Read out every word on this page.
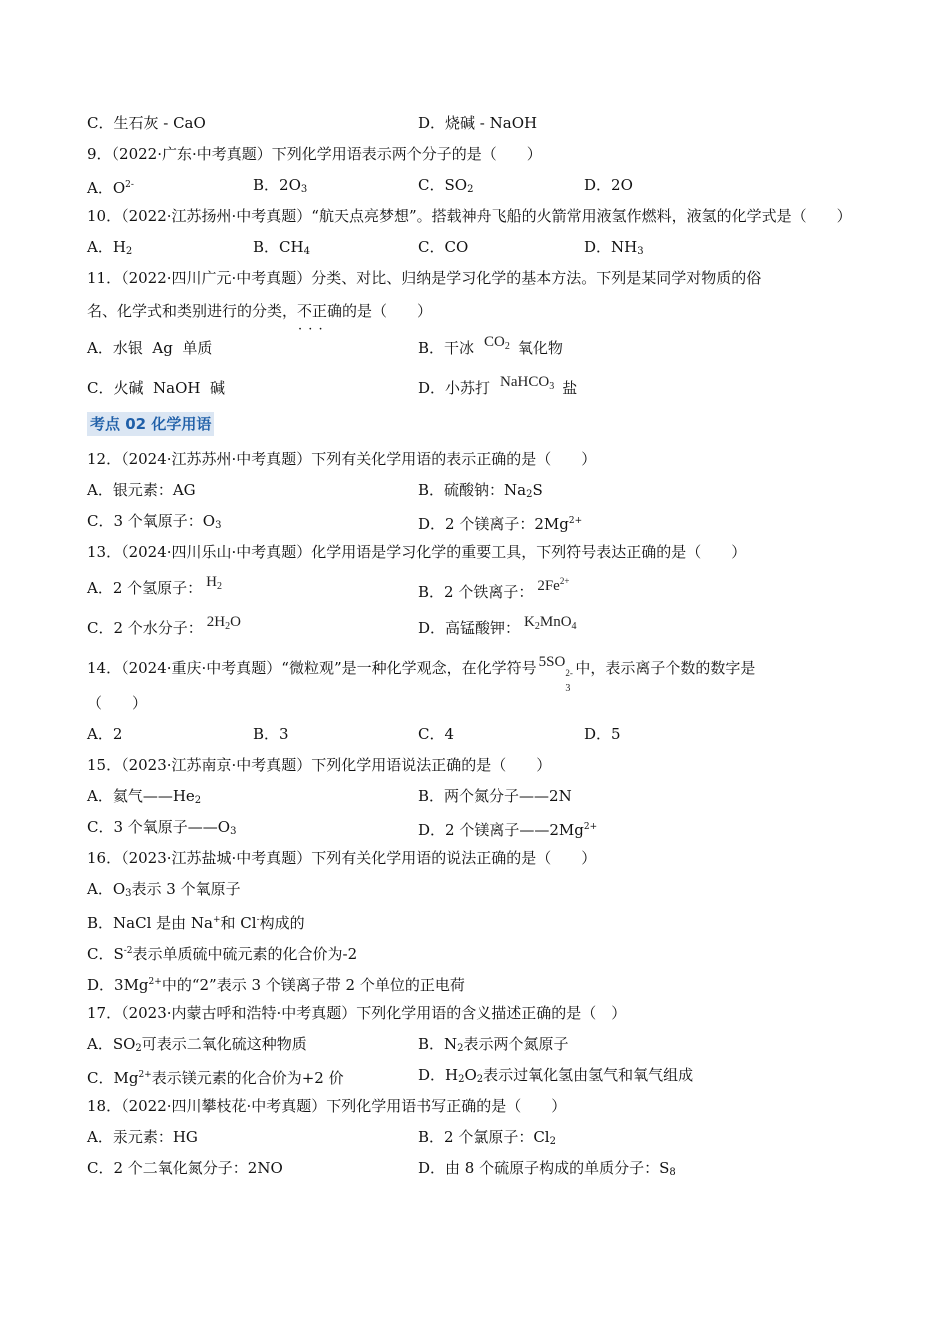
C．生石灰 - CaO	D．烧碱 - NaOH
9．（2022·广东·中考真题）下列化学用语表示两个分子的是（　　）
A．$O^{2-}$	B．$2O_3$	C．$SO_2$	D．2O
10．（2022·江苏扬州·中考真题）“航天点亮梦想”。搭载神舟飞船的火箭常用液氢作燃料，液氢的化学式是（　　）
A．$H_2$	B．$CH_4$	C．CO	D．$NH_3$
11．（2022·四川广元·中考真题）分类、对比、归纳是学习化学的基本方法。下列是某同学对物质的俗
名、化学式和类别进行的分类，不正确 · · ·的是（　　）
A．水银  Ag  单质	B．干冰 $CO_2$ 氧化物
C．火碱  NaOH  碱	D．小苏打 NaHCO$_3$ 盐
考点 02 化学用语
12．（2024·江苏苏州·中考真题）下列有关化学用语的表示正确的是（　　）
A．银元素：AG	B．硫酸钠：$Na_2S$
C．3 个氧原子：$O_3$	D．2 个镁离子：$2Mg^{2+}$
13．（2024·四川乐山·中考真题）化学用语是学习化学的重要工具，下列符号表达正确的是（　　）
A．2 个氢原子： $H_2$	B．2 个铁离子： $2Fe^{2+}$
C．2 个水分子： $2H_2O$	D．高锰酸钾： $K_2MnO_4$
14．（2024·重庆·中考真题）“微粒观”是一种化学观念，在化学符号 5SO
2-
3
中，表示离子个数的数字是
（　　）
A．2	B．3	C．4	D．5
15．（2023·江苏南京·中考真题）下列化学用语说法正确的是（　　）
A．氦气$——He_2$	B．两个氮分子——2N
C．3 个氧原子$——O_3$	D．2 个镁离子$——2Mg^{2+}$
16．（2023·江苏盐城·中考真题）下列有关化学用语的说法正确的是（　　）
A．$O_3$表示 3 个氧原子
B．NaCl 是由 Na+和 Cl-构成的
C．$S^{-2}$表示单质硫中硫元素的化合价为-2
D．$3Mg^{2+}$中的“2”表示 3 个镁离子带 2 个单位的正电荷
17．（2023·内蒙古呼和浩特·中考真题）下列化学用语的含义描述正确的是（　）
A．$SO_2$可表示二氧化硫这种物质	B．$N_2$表示两个氮原子
C．$Mg^{2+}$表示镁元素的化合价为+2 价	D．$H_2O_2$表示过氧化氢由氢气和氧气组成
18．（2022·四川攀枝花·中考真题）下列化学用语书写正确的是（　　）
A．汞元素：HG	B．2 个氯原子：$Cl_2$
C．2 个二氧化氮分子：2NO	D．由 8 个硫原子构成的单质分子：$S_8$
